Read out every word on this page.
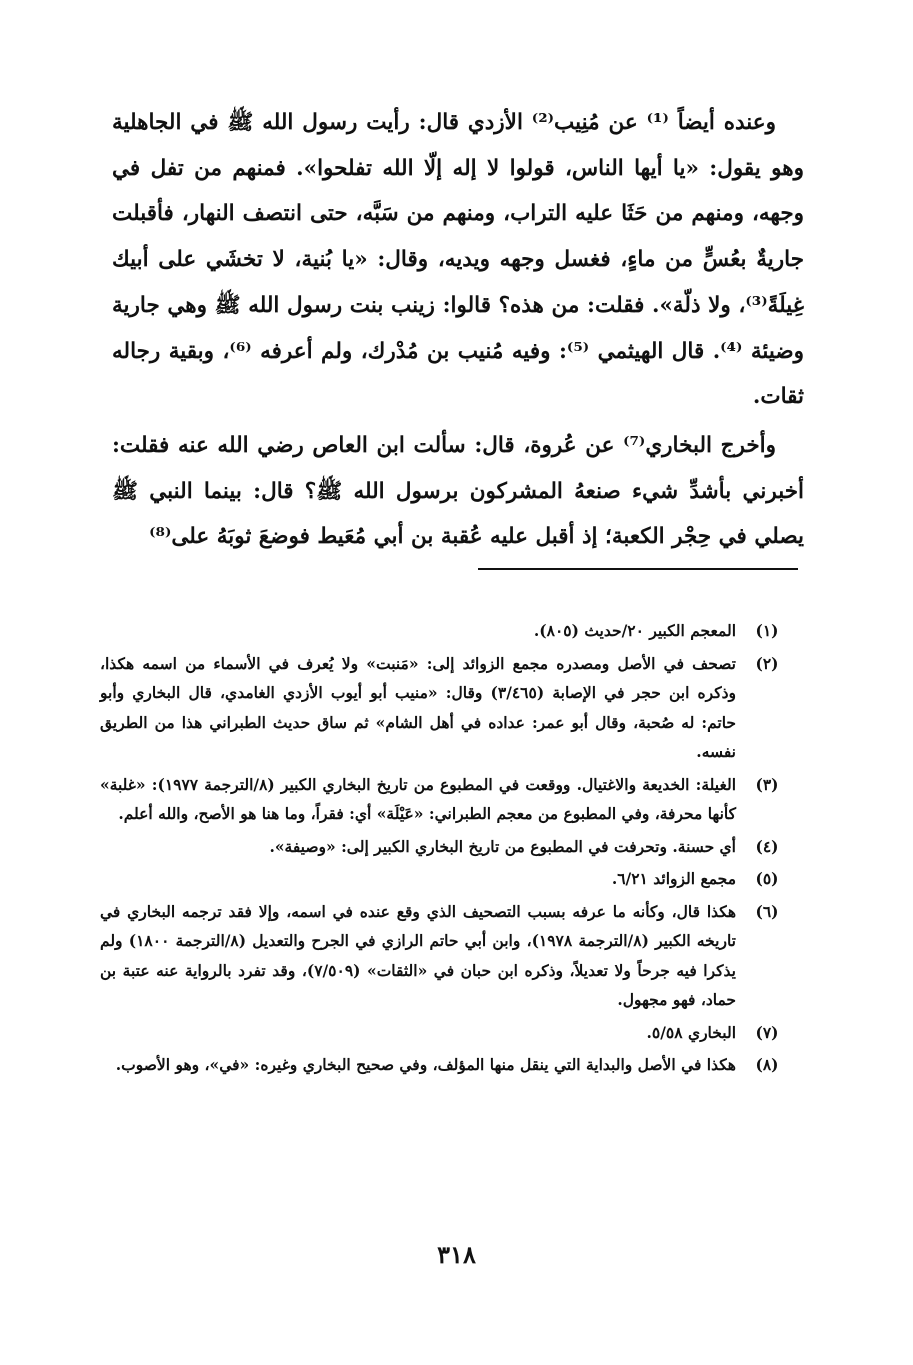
وعنده أيضاً ⁽¹⁾ عن مُنِيب⁽²⁾ الأزدي قال: رأيت رسول الله ﷺ في الجاهلية وهو يقول: «يا أيها الناس، قولوا لا إله إلّا الله تفلحوا». فمنهم من تفل في وجهه، ومنهم من حَثَا عليه التراب، ومنهم من سَبَّه، حتى انتصف النهار، فأقبلت جاريةٌ بعُسٍّ من ماءٍ، فغسل وجهه ويديه، وقال: «يا بُنية، لا تخشَي على أبيك غِيلَةً⁽³⁾، ولا ذلّة». فقلت: من هذه؟ قالوا: زينب بنت رسول الله ﷺ وهي جارية وضيئة ⁽⁴⁾. قال الهيثمي ⁽⁵⁾: وفيه مُنيب بن مُدْرك، ولم أعرفه ⁽⁶⁾، وبقية رجاله ثقات.

وأخرج البخاري⁽⁷⁾ عن عُروة، قال: سألت ابن العاص رضي الله عنه فقلت: أخبرني بأشدِّ شيء صنعهُ المشركون برسول الله ﷺ؟ قال: بينما النبي ﷺ يصلي في حِجْر الكعبة؛ إذ أقبل عليه عُقبة بن أبي مُعَيط فوضعَ ثوبَهُ على⁽⁸⁾

(١)
المعجم الكبير ٢٠/حديث (٨٠٥).
(٢)
تصحف في الأصل ومصدره مجمع الزوائد إلى: «مَنبت» ولا يُعرف في الأسماء من اسمه هكذا، وذكره ابن حجر في الإصابة (٣/٤٦٥) وقال: «منيب أبو أيوب الأزدي الغامدي، قال البخاري وأبو حاتم: له صُحبة، وقال أبو عمر: عداده في أهل الشام» ثم ساق حديث الطبراني هذا من الطريق نفسه.
(٣)
الغيلة: الخديعة والاغتيال. ووقعت في المطبوع من تاريخ البخاري الكبير (٨/الترجمة ١٩٧٧): «غلبة» كأنها محرفة، وفي المطبوع من معجم الطبراني: «عَيْلَة» أي: فقراً، وما هنا هو الأصح، والله أعلم.
(٤)
أي حسنة. وتحرفت في المطبوع من تاريخ البخاري الكبير إلى: «وصيفة».
(٥)
مجمع الزوائد ٦/٢١.
(٦)
هكذا قال، وكأنه ما عرفه بسبب التصحيف الذي وقع عنده في اسمه، وإلا فقد ترجمه البخاري في تاريخه الكبير (٨/الترجمة ١٩٧٨)، وابن أبي حاتم الرازي في الجرح والتعديل (٨/الترجمة ١٨٠٠) ولم يذكرا فيه جرحاً ولا تعديلاً، وذكره ابن حبان في «الثقات» (٧/٥٠٩)، وقد تفرد بالرواية عنه عتبة بن حماد، فهو مجهول.
(٧)
البخاري ٥/٥٨.
(٨)
هكذا في الأصل والبداية التي ينقل منها المؤلف، وفي صحيح البخاري وغيره: «في»، وهو الأصوب.
٣١٨
